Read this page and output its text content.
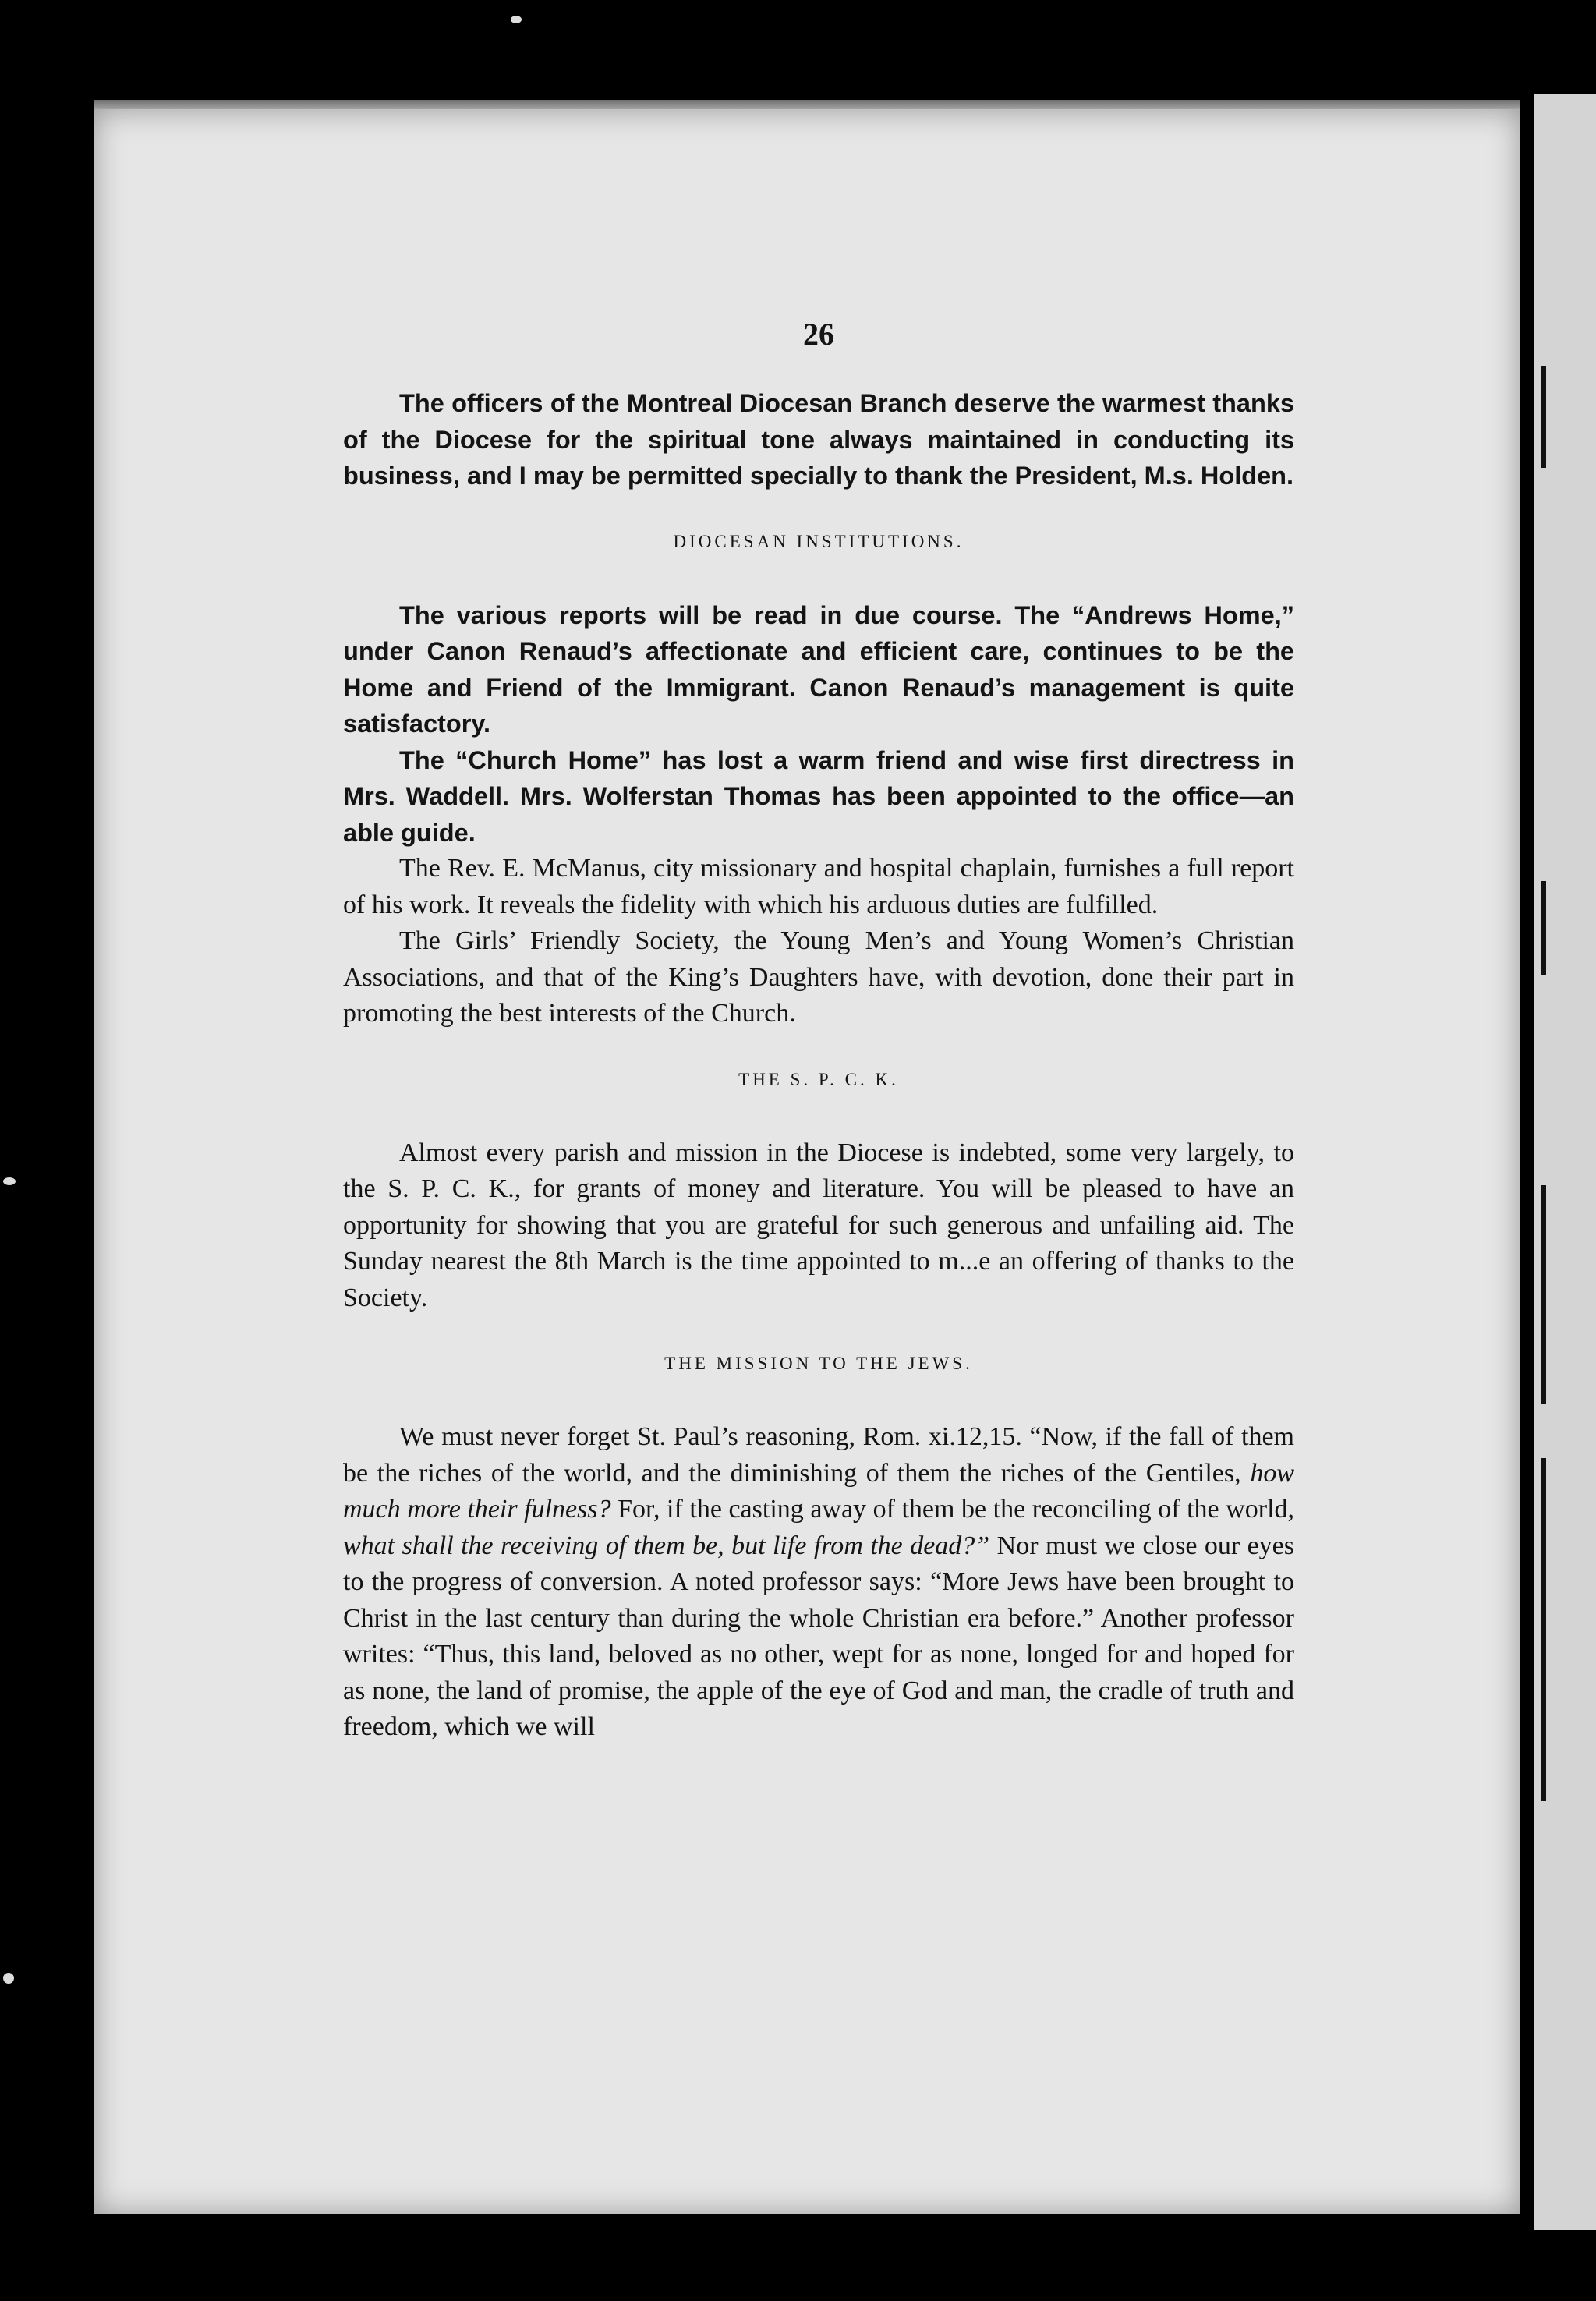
26

The officers of the Montreal Diocesan Branch deserve the warmest thanks of the Diocese for the spiritual tone always maintained in conducting its business, and I may be permitted specially to thank the President, M.s. Holden.

DIOCESAN INSTITUTIONS.

The various reports will be read in due course. The “Andrews Home,” under Canon Renaud’s affectionate and efficient care, continues to be the Home and Friend of the Immigrant. Canon Renaud’s management is quite satisfactory.

The “Church Home” has lost a warm friend and wise first directress in Mrs. Waddell. Mrs. Wolferstan Thomas has been appointed to the office—an able guide.

The Rev. E. McManus, city missionary and hospital chaplain, furnishes a full report of his work. It reveals the fidelity with which his arduous duties are fulfilled.

The Girls’ Friendly Society, the Young Men’s and Young Women’s Christian Associations, and that of the King’s Daughters have, with devotion, done their part in promoting the best interests of the Church.

THE S. P. C. K.

Almost every parish and mission in the Diocese is indebted, some very largely, to the S. P. C. K., for grants of money and literature. You will be pleased to have an opportunity for showing that you are grateful for such generous and unfailing aid. The Sunday nearest the 8th March is the time appointed to m...e an offering of thanks to the Society.

THE MISSION TO THE JEWS.

We must never forget St. Paul’s reasoning, Rom. xi.12,15. “Now, if the fall of them be the riches of the world, and the diminishing of them the riches of the Gentiles, how much more their fulness? For, if the casting away of them be the reconciling of the world, what shall the receiving of them be, but life from the dead?” Nor must we close our eyes to the progress of conversion. A noted professor says: “More Jews have been brought to Christ in the last century than during the whole Christian era before.” Another professor writes: “Thus, this land, beloved as no other, wept for as none, longed for and hoped for as none, the land of promise, the apple of the eye of God and man, the cradle of truth and freedom, which we will
